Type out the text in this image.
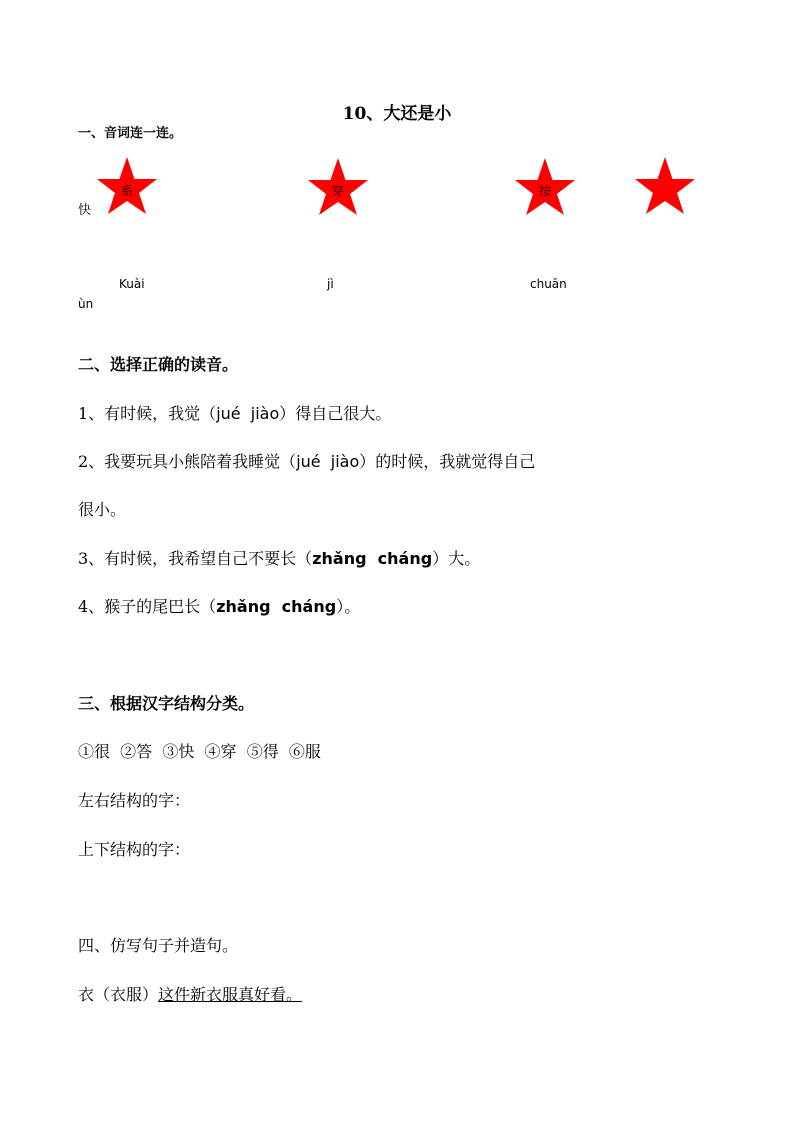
10、大还是小
一、音词连一连。
快
系	穿	按
Kuài
ùn
jì	chuān
二、选择正确的读音。
1、有时候，我觉（jué  jiào）得自己很大。
2、我要玩具小熊陪着我睡觉（jué  jiào）的时候，我就觉得自己
很小。
3、有时候，我希望自己不要长（zhǎng  cháng）大。
4、猴子的尾巴长（zhǎng  cháng）。
三、根据汉字结构分类。
①很  ②答  ③快  ④穿  ⑤得  ⑥服
左右结构的字：
上下结构的字：
四、仿写句子并造句。
衣（衣服）这件新衣服真好看。
